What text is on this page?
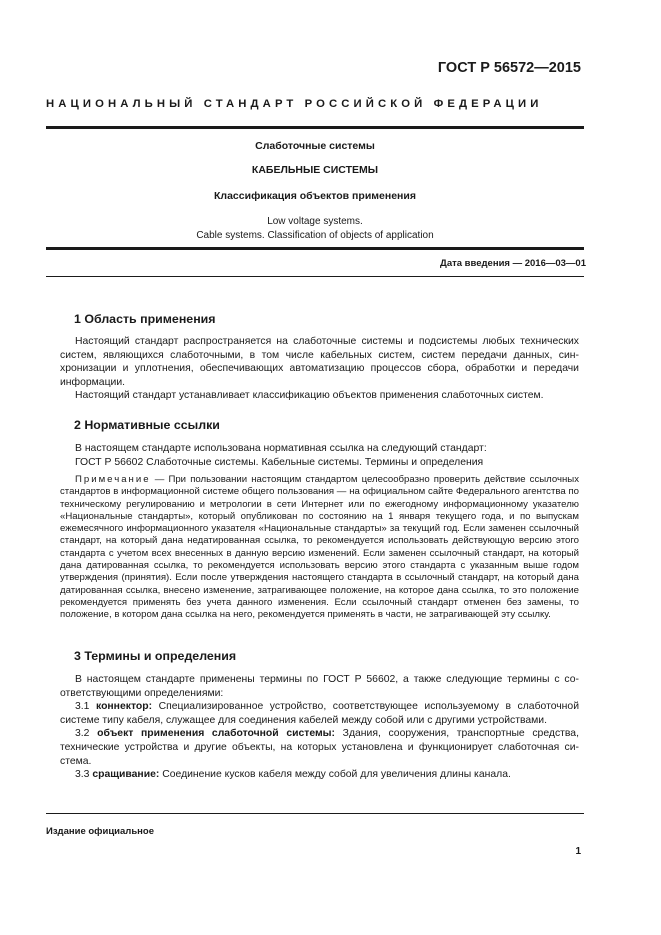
ГОСТ Р 56572—2015
НАЦИОНАЛЬНЫЙ СТАНДАРТ РОССИЙСКОЙ ФЕДЕРАЦИИ
Слаботочные системы
КАБЕЛЬНЫЕ СИСТЕМЫ
Классификация объектов применения
Low voltage systems.
Cable systems. Classification of objects of application
Дата введения — 2016—03—01
1 Область применения

Настоящий стандарт распространяется на слаботочные системы и подсистемы любых технических систем, являющихся слаботочными, в том числе кабельных систем, систем передачи данных, синхронизации и уплотнения, обеспечивающих автоматизацию процессов сбора, обработки и передачи информации.

Настоящий стандарт устанавливает классификацию объектов применения слаботочных систем.

2 Нормативные ссылки

В настоящем стандарте использована нормативная ссылка на следующий стандарт:

ГОСТ Р 56602 Слаботочные системы. Кабельные системы. Термины и определения

Примечание — При пользовании настоящим стандартом целесообразно проверить действие ссылочных стандартов в информационной системе общего пользования — на официальном сайте Федерального агентства по техническому регулированию и метрологии в сети Интернет или по ежегодному информационному указателю «Национальные стандарты», который опубликован по состоянию на 1 января текущего года, и по выпускам ежемесячного информационного указателя «Национальные стандарты» за текущий год. Если заменен ссылочный стандарт, на который дана недатированная ссылка, то рекомендуется использовать действующую версию этого стандарта с учетом всех внесенных в данную версию изменений. Если заменен ссылочный стандарт, на который дана датированная ссылка, то рекомендуется использовать версию этого стандарта с указанным выше годом утверждения (принятия). Если после утверждения настоящего стандарта в ссылочный стандарт, на который дана датированная ссылка, внесено изменение, затрагивающее положение, на которое дана ссылка, то это положение рекомендуется применять без учета данного изменения. Если ссылочный стандарт отменен без замены, то положение, в котором дана ссылка на него, рекомендуется применять в части, не затрагивающей эту ссылку.

3 Термины и определения

В настоящем стандарте применены термины по ГОСТ Р 56602, а также следующие термины с соответствующими определениями:

3.1 коннектор: Специализированное устройство, соответствующее используемому в слаботочной системе типу кабеля, служащее для соединения кабелей между собой или с другими устройствами.

3.2 объект применения слаботочной системы: Здания, сооружения, транспортные средства, технические устройства и другие объекты, на которых установлена и функционирует слаботочная система.

3.3 сращивание: Соединение кусков кабеля между собой для увеличения длины канала.

Издание официальное
1
